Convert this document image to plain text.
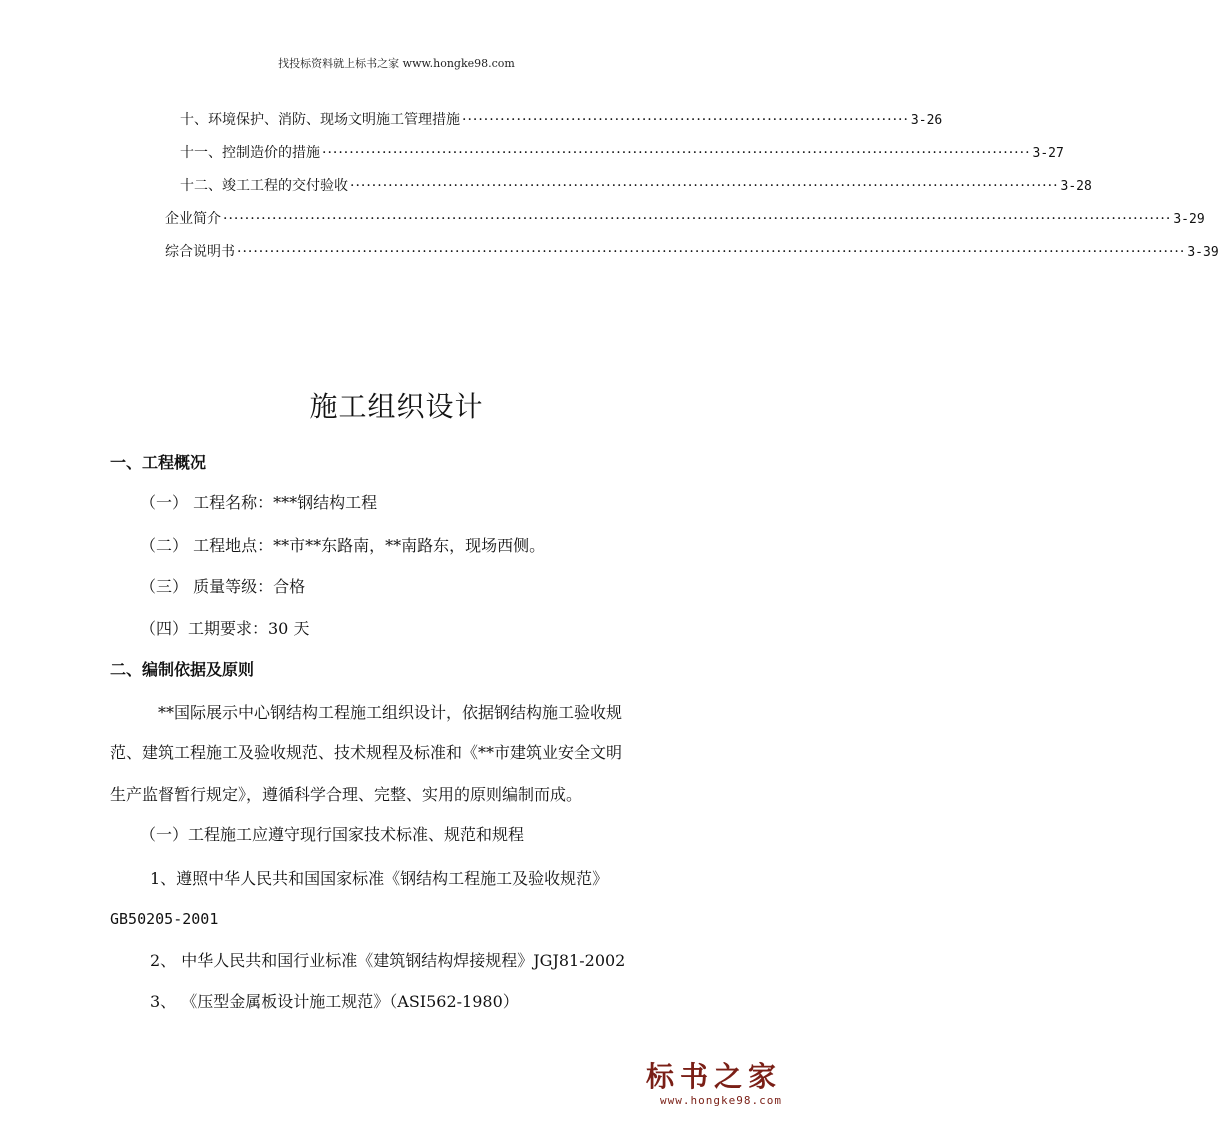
找投标资料就上标书之家 www.hongke98.com
十、环境保护、消防、现场文明施工管理措施 ·················································································· 3-26
十一、控制造价的措施 ·································································································································· 3-27
十二、竣工工程的交付验收 ·································································································································· 3-28
企业简介 ·············································································································································································· 3-29
综合说明书 ·············································································································································································· 3-39
施工组织设计
一、工程概况
（一） 工程名称：***钢结构工程
（二） 工程地点：**市**东路南，**南路东，现场西侧。
（三） 质量等级：合格
（四）工期要求：30 天
二、编制依据及原则
**国际展示中心钢结构工程施工组织设计，依据钢结构施工验收规
范、建筑工程施工及验收规范、技术规程及标准和《**市建筑业安全文明
生产监督暂行规定》，遵循科学合理、完整、实用的原则编制而成。
（一）工程施工应遵守现行国家技术标准、规范和规程
1、遵照中华人民共和国国家标准《钢结构工程施工及验收规范》
GB50205-2001
2、 中华人民共和国行业标准《建筑钢结构焊接规程》JGJ81-2002
3、 《压型金属板设计施工规范》（ASI562-1980）
标书之家
www.hongke98.com
